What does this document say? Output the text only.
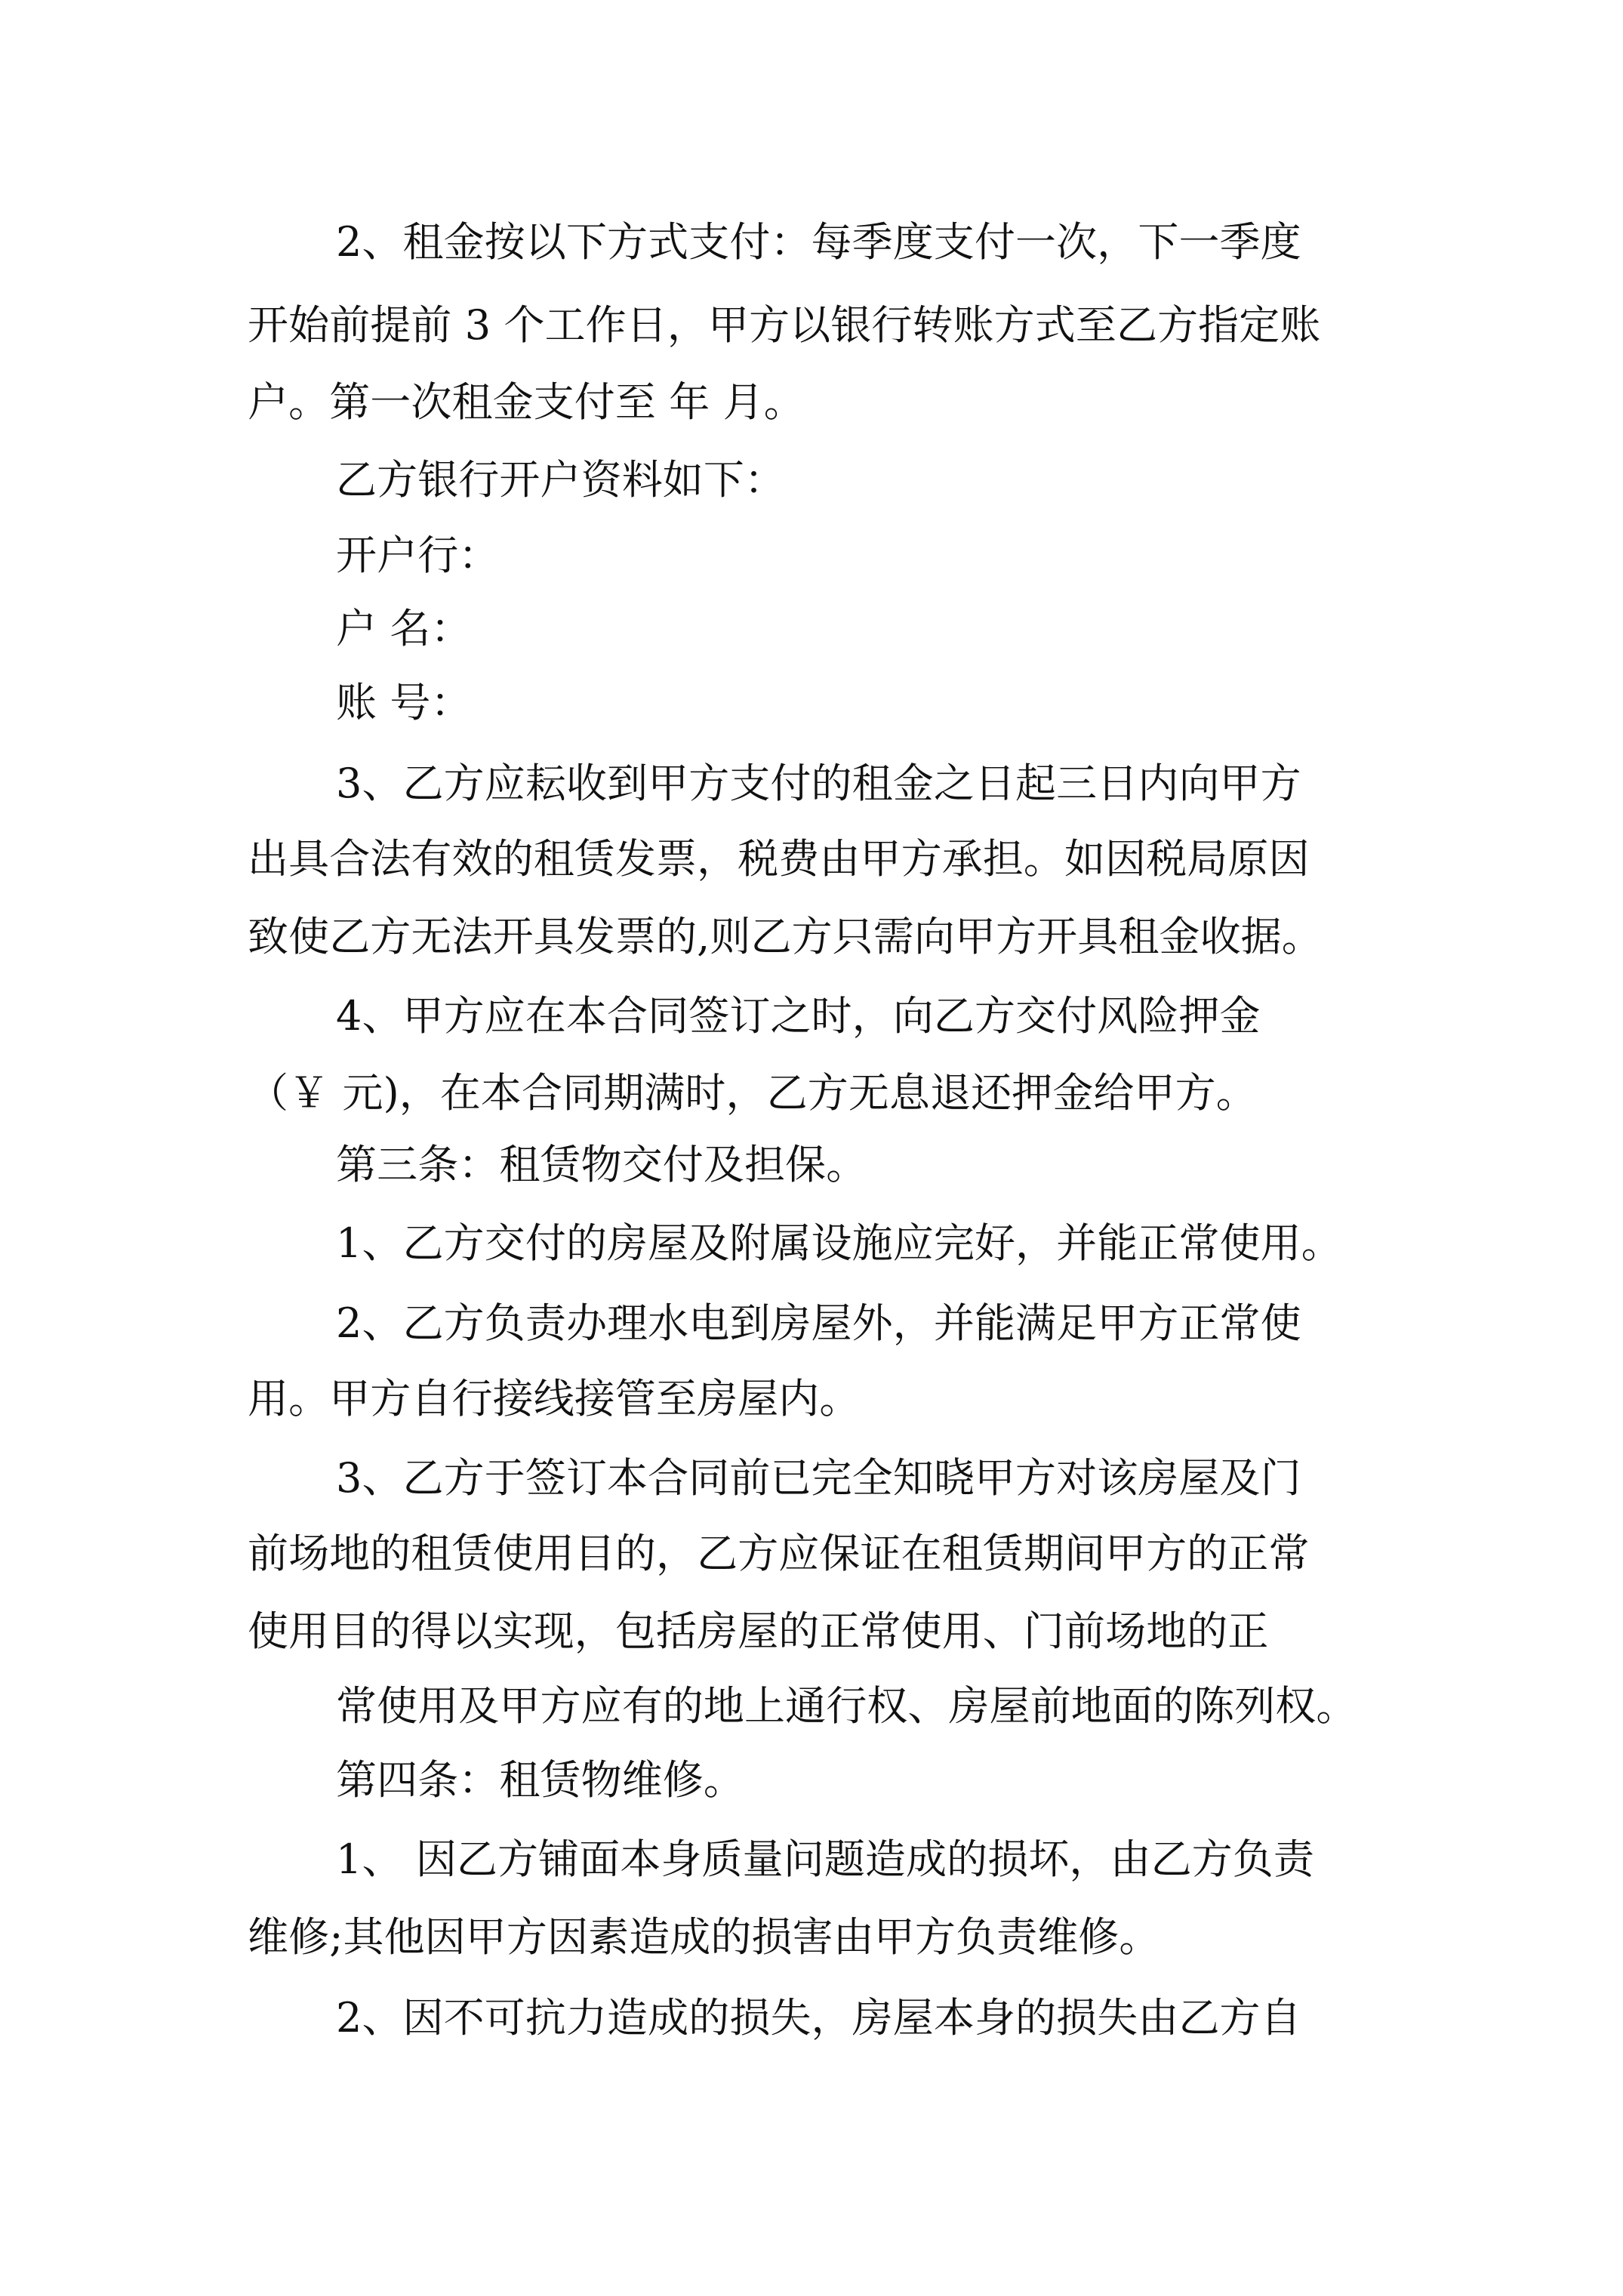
2、租金按以下方式支付：每季度支付一次，下一季度
开始前提前 3 个工作日，甲方以银行转账方式至乙方指定账
户。第一次租金支付至 年 月。
乙方银行开户资料如下：
开户行：
户 名：
账 号：
3、乙方应耘收到甲方支付的租金之日起三日内向甲方
出具合法有效的租赁发票，税费由甲方承担。如因税局原因
致使乙方无法开具发票的,则乙方只需向甲方开具租金收据。
4、甲方应在本合同签订之时，向乙方交付风险押金
（￥ 元)，在本合同期满时，乙方无息退还押金给甲方。
第三条：租赁物交付及担保。
1、乙方交付的房屋及附属设施应完好，并能正常使用。
2、乙方负责办理水电到房屋外，并能满足甲方正常使
用。甲方自行接线接管至房屋内。
3、乙方于签订本合同前已完全知晓甲方对该房屋及门
前场地的租赁使用目的，乙方应保证在租赁期间甲方的正常
使用目的得以实现，包括房屋的正常使用、门前场地的正
常使用及甲方应有的地上通行权、房屋前地面的陈列权。
第四条：租赁物维修。
1、 因乙方铺面本身质量问题造成的损坏，由乙方负责
维修;其他因甲方因素造成的损害由甲方负责维修。
2、因不可抗力造成的损失，房屋本身的损失由乙方自
